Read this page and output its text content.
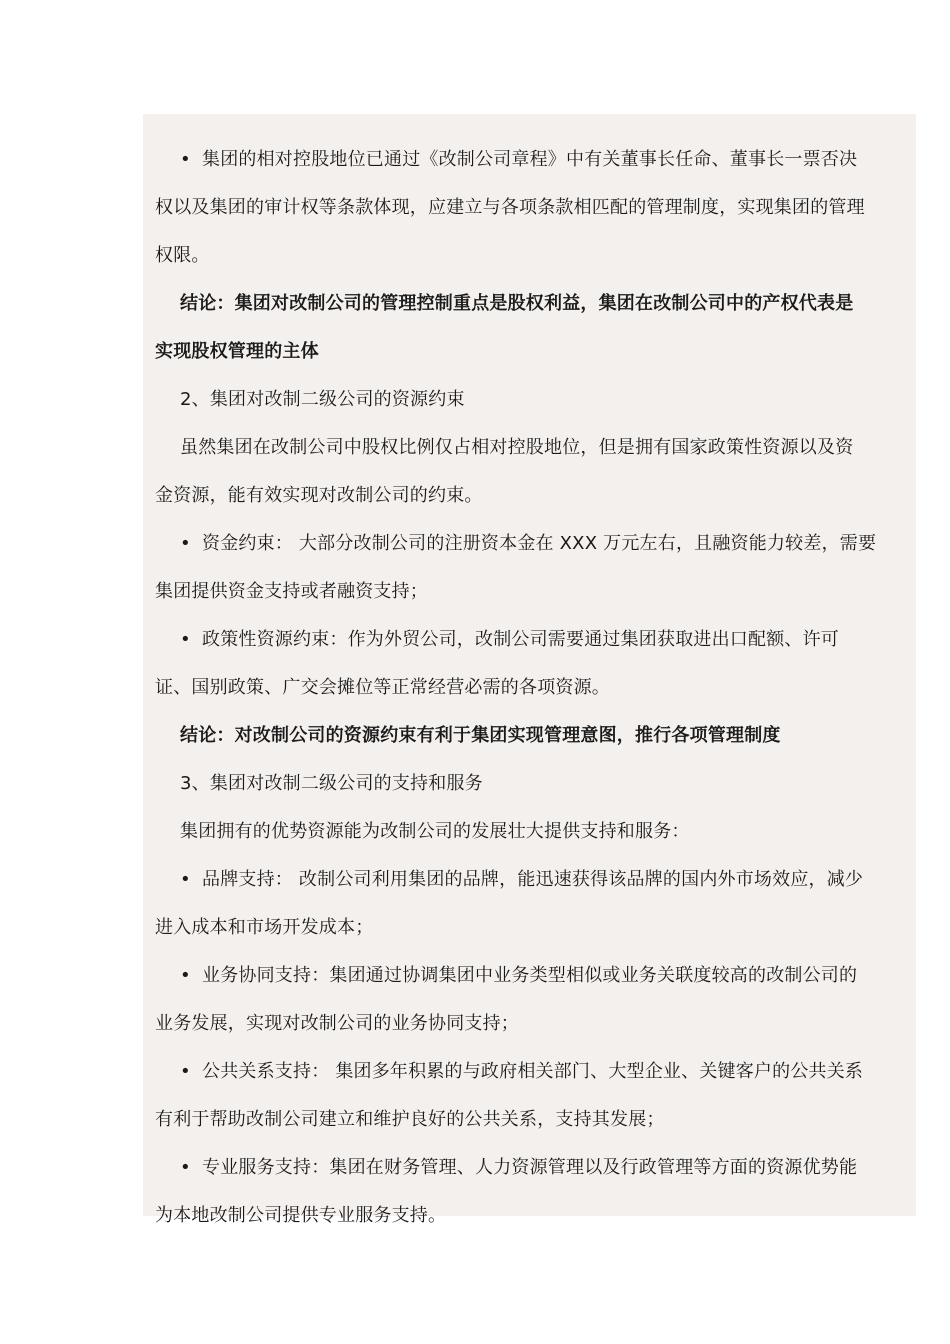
• 集团的相对控股地位已通过《改制公司章程》中有关董事长任命、董事长一票否决
权以及集团的审计权等条款体现，应建立与各项条款相匹配的管理制度，实现集团的管理
权限。
结论：集团对改制公司的管理控制重点是股权利益，集团在改制公司中的产权代表是
实现股权管理的主体
2、集团对改制二级公司的资源约束
虽然集团在改制公司中股权比例仅占相对控股地位，但是拥有国家政策性资源以及资
金资源，能有效实现对改制公司的约束。
• 资金约束： 大部分改制公司的注册资本金在 XXX 万元左右，且融资能力较差，需要
集团提供资金支持或者融资支持；
• 政策性资源约束：作为外贸公司，改制公司需要通过集团获取进出口配额、许可
证、国别政策、广交会摊位等正常经营必需的各项资源。
结论：对改制公司的资源约束有利于集团实现管理意图，推行各项管理制度
3、集团对改制二级公司的支持和服务
集团拥有的优势资源能为改制公司的发展壮大提供支持和服务：
• 品牌支持： 改制公司利用集团的品牌，能迅速获得该品牌的国内外市场效应，减少
进入成本和市场开发成本；
• 业务协同支持：集团通过协调集团中业务类型相似或业务关联度较高的改制公司的
业务发展，实现对改制公司的业务协同支持；
• 公共关系支持： 集团多年积累的与政府相关部门、大型企业、关键客户的公共关系
有利于帮助改制公司建立和维护良好的公共关系，支持其发展；
• 专业服务支持：集团在财务管理、人力资源管理以及行政管理等方面的资源优势能
为本地改制公司提供专业服务支持。
